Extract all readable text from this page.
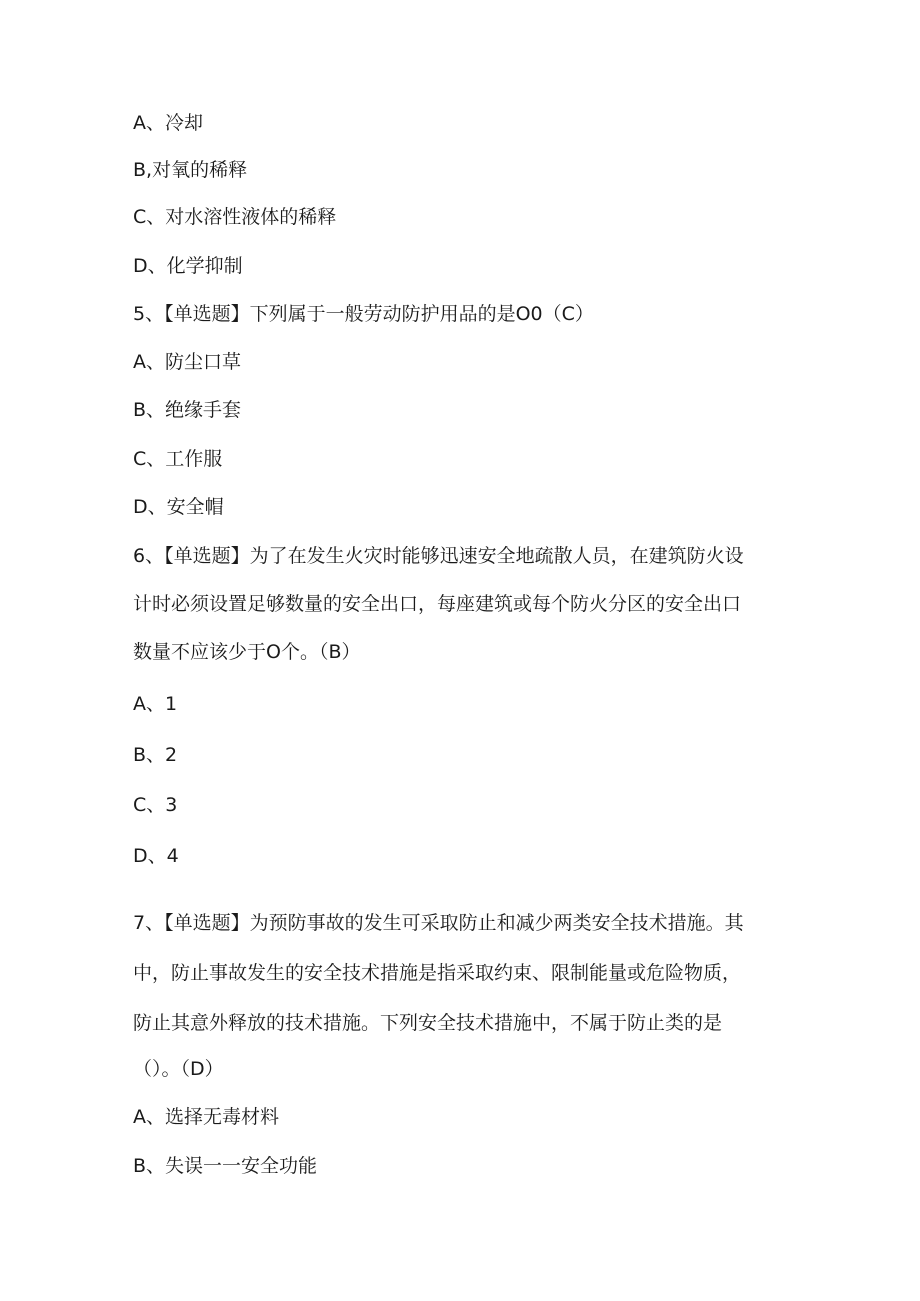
A、冷却
B,对氧的稀释
C、对水溶性液体的稀释
D、化学抑制
5、【单选题】下列属于一般劳动防护用品的是O0（C）
A、防尘口草
B、绝缘手套
C、工作服
D、安全帽
6、【单选题】为了在发生火灾时能够迅速安全地疏散人员，在建筑防火设
计时必须设置足够数量的安全出口，每座建筑或每个防火分区的安全出口
数量不应该少于O个。（B）
A、1
B、2
C、3
D、4
7、【单选题】为预防事故的发生可采取防止和减少两类安全技术措施。其
中，防止事故发生的安全技术措施是指采取约束、限制能量或危险物质，
防止其意外释放的技术措施。下列安全技术措施中，不属于防止类的是
（）。（D）
A、选择无毒材料
B、失误一一安全功能
